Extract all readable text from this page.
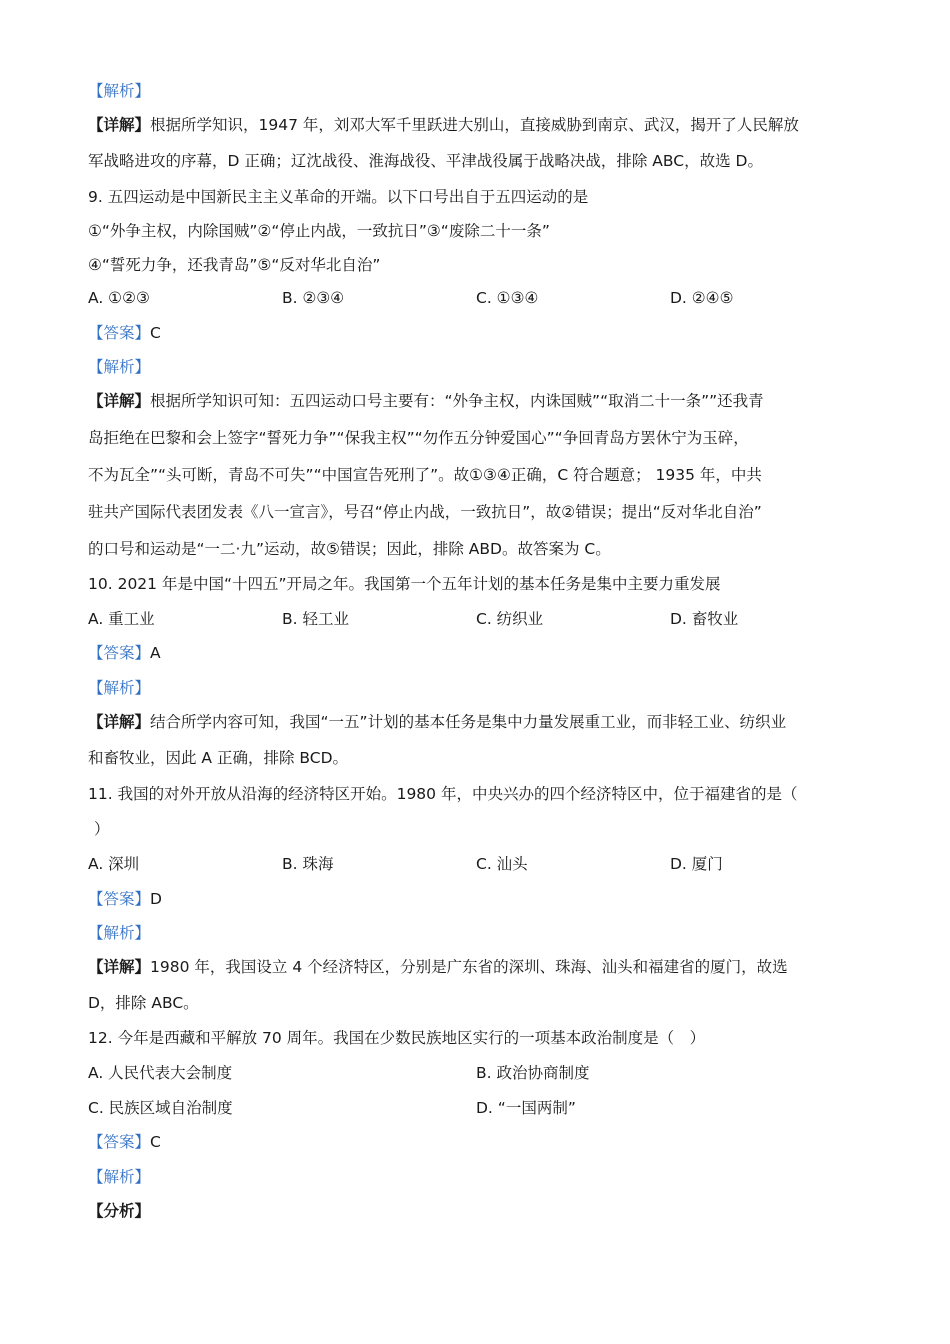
【解析】
【详解】根据所学知识，1947 年，刘邓大军千里跃进大别山，直接威胁到南京、武汉，揭开了人民解放
军战略进攻的序幕，D 正确；辽沈战役、淮海战役、平津战役属于战略决战，排除 ABC，故选 D。
9. 五四运动是中国新民主主义革命的开端。以下口号出自于五四运动的是
①“外争主权，内除国贼”②“停止内战，一致抗日”③“废除二十一条”
④“誓死力争，还我青岛”⑤“反对华北自治”
A. ①②③	B. ②③④	C. ①③④	D. ②④⑤
【答案】C
【解析】
【详解】根据所学知识可知：五四运动口号主要有：“外争主权，内诛国贼”“取消二十一条””还我青
岛拒绝在巴黎和会上签字“誓死力争”“保我主权”“勿作五分钟爱国心”“争回青岛方罢休宁为玉碎，
不为瓦全”“头可断，青岛不可失”“中国宣告死刑了”。故①③④正确，C 符合题意； 1935 年，中共
驻共产国际代表团发表《八一宣言》，号召“停止内战，一致抗日”，故②错误；提出“反对华北自治”
的口号和运动是“一二·九”运动，故⑤错误；因此，排除 ABD。故答案为 C。
10. 2021 年是中国“十四五”开局之年。我国第一个五年计划的基本任务是集中主要力重发展
A. 重工业	B. 轻工业	C. 纺织业	D. 畜牧业
【答案】A
【解析】
【详解】结合所学内容可知，我国“一五”计划的基本任务是集中力量发展重工业，而非轻工业、纺织业
和畜牧业，因此 A 正确，排除 BCD。
11. 我国的对外开放从沿海的经济特区开始。1980 年，中央兴办的四个经济特区中，位于福建省的是（
）
A. 深圳	B. 珠海	C. 汕头	D. 厦门
【答案】D
【解析】
【详解】1980 年，我国设立 4 个经济特区，分别是广东省的深圳、珠海、汕头和福建省的厦门，故选
D，排除 ABC。
12. 今年是西藏和平解放 70 周年。我国在少数民族地区实行的一项基本政治制度是（　）
A. 人民代表大会制度	B. 政治协商制度
C. 民族区域自治制度	D. “一国两制”
【答案】C
【解析】
【分析】
